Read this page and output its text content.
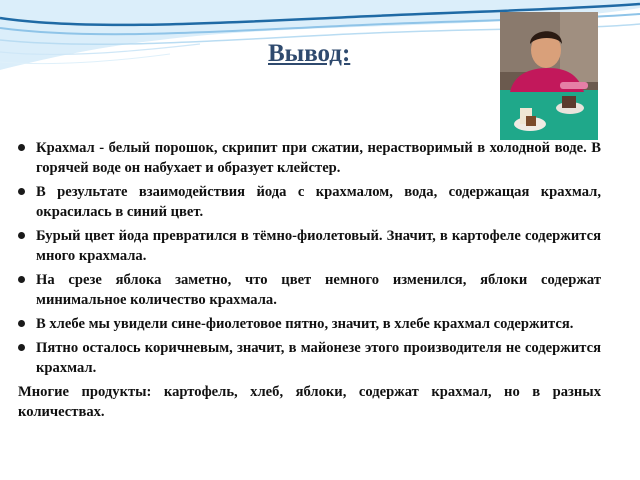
Вывод:
Крахмал - белый порошок, скрипит при сжатии, нерастворимый в холодной воде. В горячей воде он набухает и образует клейстер.
В результате взаимодействия йода с крахмалом, вода, содержащая крахмал, окрасилась в синий цвет.
Бурый цвет йода превратился в тёмно-фиолетовый. Значит, в картофеле содержится много крахмала.
На срезе яблока заметно, что цвет немного изменился, яблоки содержат минимальное количество крахмала.
В хлебе мы увидели сине-фиолетовое пятно, значит, в хлебе крахмал содержится.
Пятно осталось коричневым, значит, в майонезе этого производителя не содержится крахмал.

Многие продукты: картофель, хлеб, яблоки, содержат крахмал, но в разных количествах.
